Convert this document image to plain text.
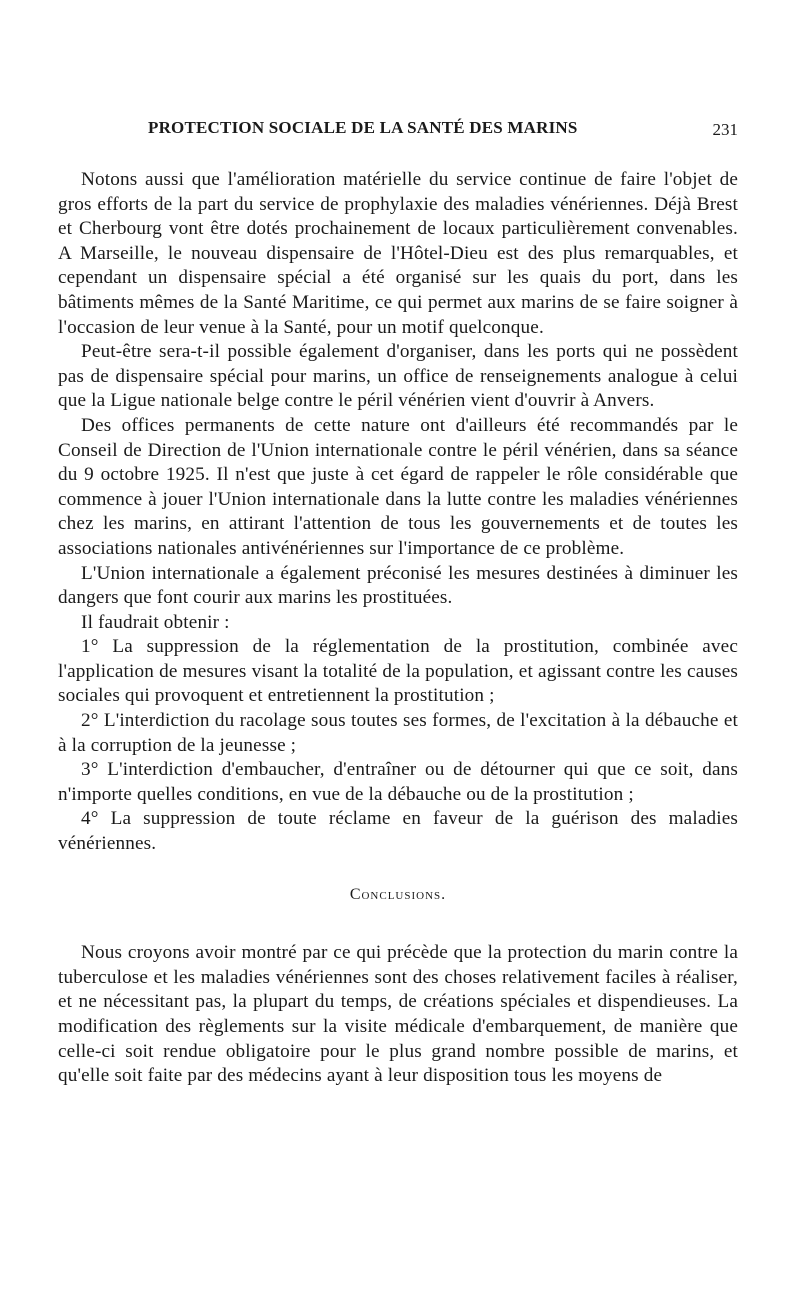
PROTECTION SOCIALE DE LA SANTÉ DES MARINS	231

Notons aussi que l'amélioration matérielle du service continue de faire l'objet de gros efforts de la part du service de prophylaxie des maladies vénériennes. Déjà Brest et Cherbourg vont être dotés prochainement de locaux particulièrement convenables. A Marseille, le nouveau dispensaire de l'Hôtel-Dieu est des plus remarquables, et cependant un dispensaire spécial a été organisé sur les quais du port, dans les bâtiments mêmes de la Santé Maritime, ce qui permet aux marins de se faire soigner à l'occasion de leur venue à la Santé, pour un motif quelconque.

Peut-être sera-t-il possible également d'organiser, dans les ports qui ne possèdent pas de dispensaire spécial pour marins, un office de renseignements analogue à celui que la Ligue nationale belge contre le péril vénérien vient d'ouvrir à Anvers.

Des offices permanents de cette nature ont d'ailleurs été recommandés par le Conseil de Direction de l'Union internationale contre le péril vénérien, dans sa séance du 9 octobre 1925. Il n'est que juste à cet égard de rappeler le rôle considérable que commence à jouer l'Union internationale dans la lutte contre les maladies vénériennes chez les marins, en attirant l'attention de tous les gouvernements et de toutes les associations nationales antivénériennes sur l'importance de ce problème.

L'Union internationale a également préconisé les mesures destinées à diminuer les dangers que font courir aux marins les prostituées.

Il faudrait obtenir :

1° La suppression de la réglementation de la prostitution, combinée avec l'application de mesures visant la totalité de la population, et agissant contre les causes sociales qui provoquent et entretiennent la prostitution ;

2° L'interdiction du racolage sous toutes ses formes, de l'excitation à la débauche et à la corruption de la jeunesse ;

3° L'interdiction d'embaucher, d'entraîner ou de détourner qui que ce soit, dans n'importe quelles conditions, en vue de la débauche ou de la prostitution ;

4° La suppression de toute réclame en faveur de la guérison des maladies vénériennes.

Conclusions.

Nous croyons avoir montré par ce qui précède que la protection du marin contre la tuberculose et les maladies vénériennes sont des choses relativement faciles à réaliser, et ne nécessitant pas, la plupart du temps, de créations spéciales et dispendieuses. La modification des règlements sur la visite médicale d'embarquement, de manière que celle-ci soit rendue obligatoire pour le plus grand nombre possible de marins, et qu'elle soit faite par des médecins ayant à leur disposition tous les moyens de
